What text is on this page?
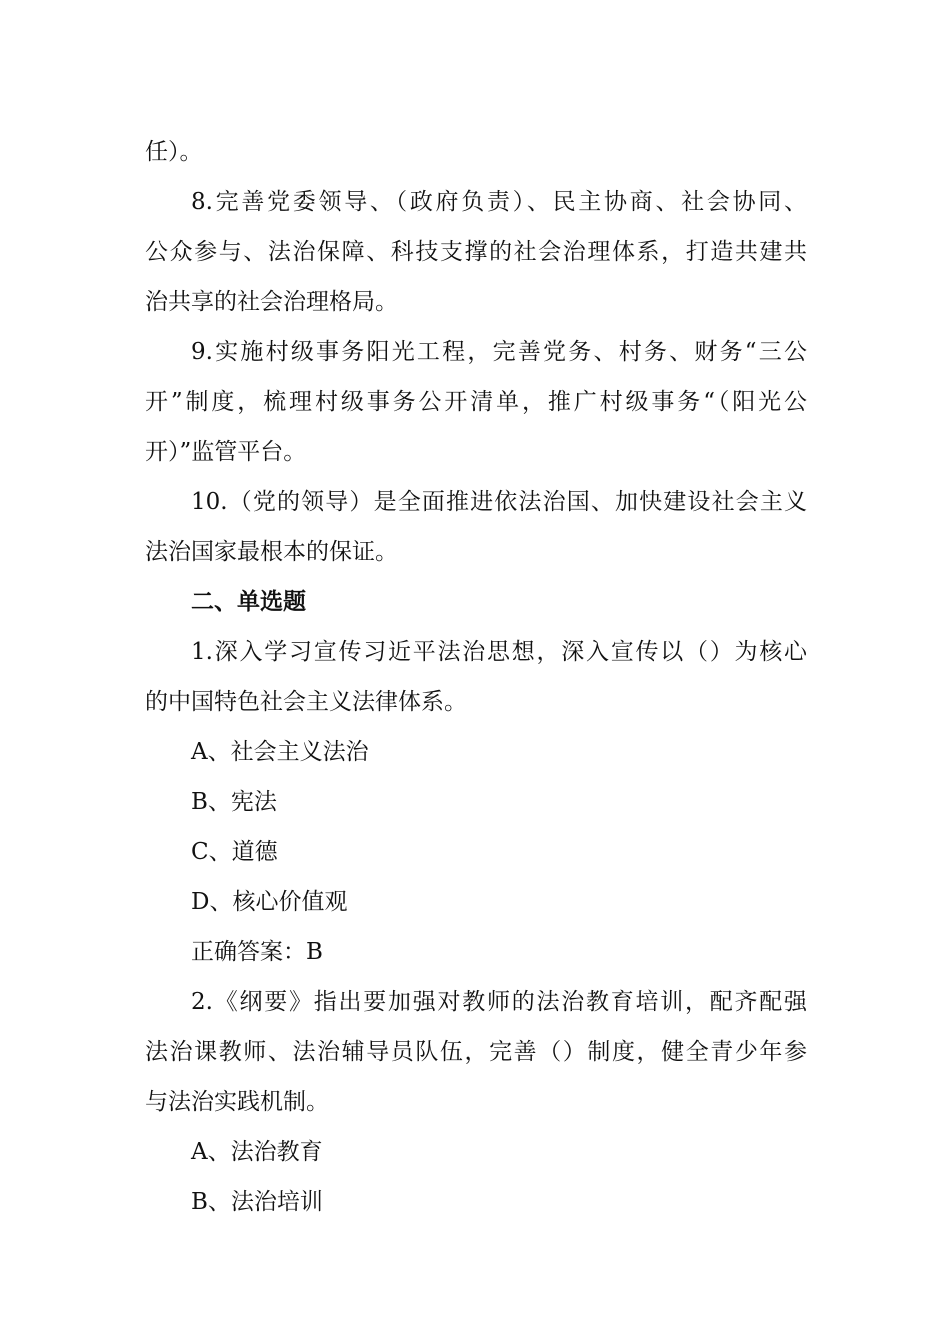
任）。
8.完善党委领导、（政府负责）、民主协商、社会协同、
公众参与、法治保障、科技支撑的社会治理体系，打造共建共
治共享的社会治理格局。
9.实施村级事务阳光工程，完善党务、村务、财务“三公
开”制度，梳理村级事务公开清单，推广村级事务“（阳光公
开）”监管平台。
10.（党的领导）是全面推进依法治国、加快建设社会主义
法治国家最根本的保证。
二、单选题
1.深入学习宣传习近平法治思想，深入宣传以（）为核心
的中国特色社会主义法律体系。
A、社会主义法治
B、宪法
C、道德
D、核心价值观
正确答案：B
2.《纲要》指出要加强对教师的法治教育培训，配齐配强
法治课教师、法治辅导员队伍，完善（）制度，健全青少年参
与法治实践机制。
A、法治教育
B、法治培训
